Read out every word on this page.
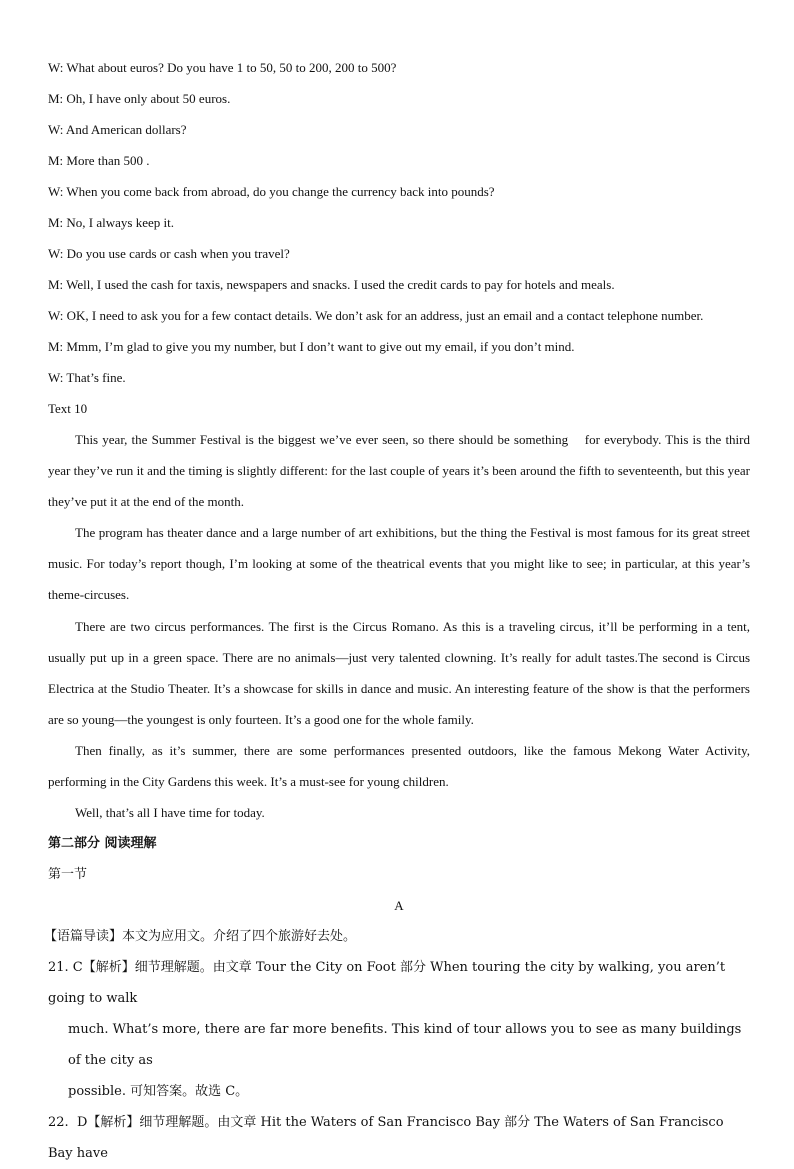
W: What about euros? Do you have 1 to 50, 50 to 200, 200 to 500?
M: Oh, I have only about 50 euros.
W: And American dollars?
M: More than 500 .
W: When you come back from abroad, do you change the currency back into pounds?
M: No, I always keep it.
W: Do you use cards or cash when you travel?
M: Well, I used the cash for taxis, newspapers and snacks. I used the credit cards to pay for hotels and meals.
W: OK, I need to ask you for a few contact details. We don’t ask for an address, just an email and a contact telephone number.
M: Mmm, I’m glad to give you my number, but I don’t want to give out my email, if you don’t mind.
W: That’s fine.
Text 10

This year, the Summer Festival is the biggest we’ve ever seen, so there should be something    for everybody. This is the third year they’ve run it and the timing is slightly different: for the last couple of years it’s been around the fifth to seventeenth, but this year they’ve put it at the end of the month.

The program has theater dance and a large number of art exhibitions, but the thing the Festival is most famous for its great street music. For today’s report though, I’m looking at some of the theatrical events that you might like to see; in particular, at this year’s theme-circuses.

There are two circus performances. The first is the Circus Romano. As this is a traveling circus, it’ll be performing in a tent, usually put up in a green space. There are no animals—just very talented clowning. It’s really for adult tastes.The second is Circus Electrica at the Studio Theater. It’s a showcase for skills in dance and music. An interesting feature of the show is that the performers are so young—the youngest is only fourteen. It’s a good one for the whole family.

Then finally, as it’s summer, there are some performances presented outdoors, like the famous Mekong Water Activity, performing in the City Gardens this week. It’s a must-see for young children.

Well, that’s all I have time for today.

第二部分 阅读理解
第一节
A
【语篇导读】本文为应用文。介绍了四个旅游好去处。
21. C【解析】细节理解题。由文章 Tour the City on Foot 部分 When touring the city by walking, you aren’t going to walk
much. What’s more, there are far more benefits. This kind of tour allows you to see as many buildings of the city as
possible. 可知答案。故选 C。
22.  D【解析】细节理解题。由文章 Hit the Waters of San Francisco Bay 部分 The Waters of San Francisco Bay have
